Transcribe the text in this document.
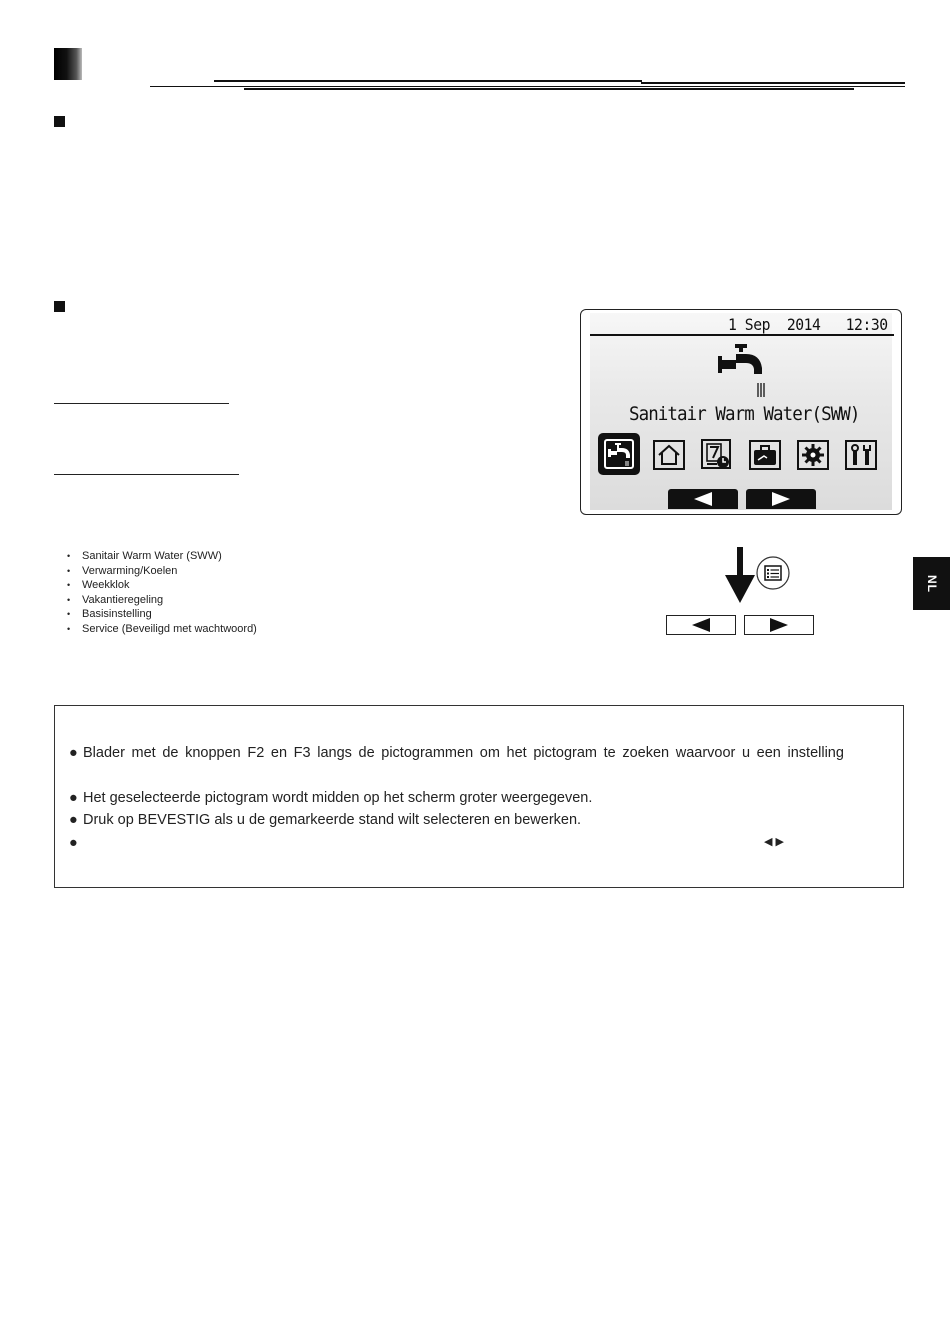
• Sanitair Warm Water (SWW)
• Verwarming/Koelen
• Weekklok
• Vakantieregeling
• Basisinstelling
• Service (Beveiligd met wachtwoord)
1 Sep  2014 12:30
Sanitair Warm Water(SWW)
NL
● Blader met de knoppen F2 en F3 langs de pictogrammen om het pictogram te zoeken waarvoor u een instelling
● Het geselecteerde pictogram wordt midden op het scherm groter weergegeven.
● Druk op BEVESTIG als u de gemarkeerde stand wilt selecteren en bewerken.
●	◀ ▶
